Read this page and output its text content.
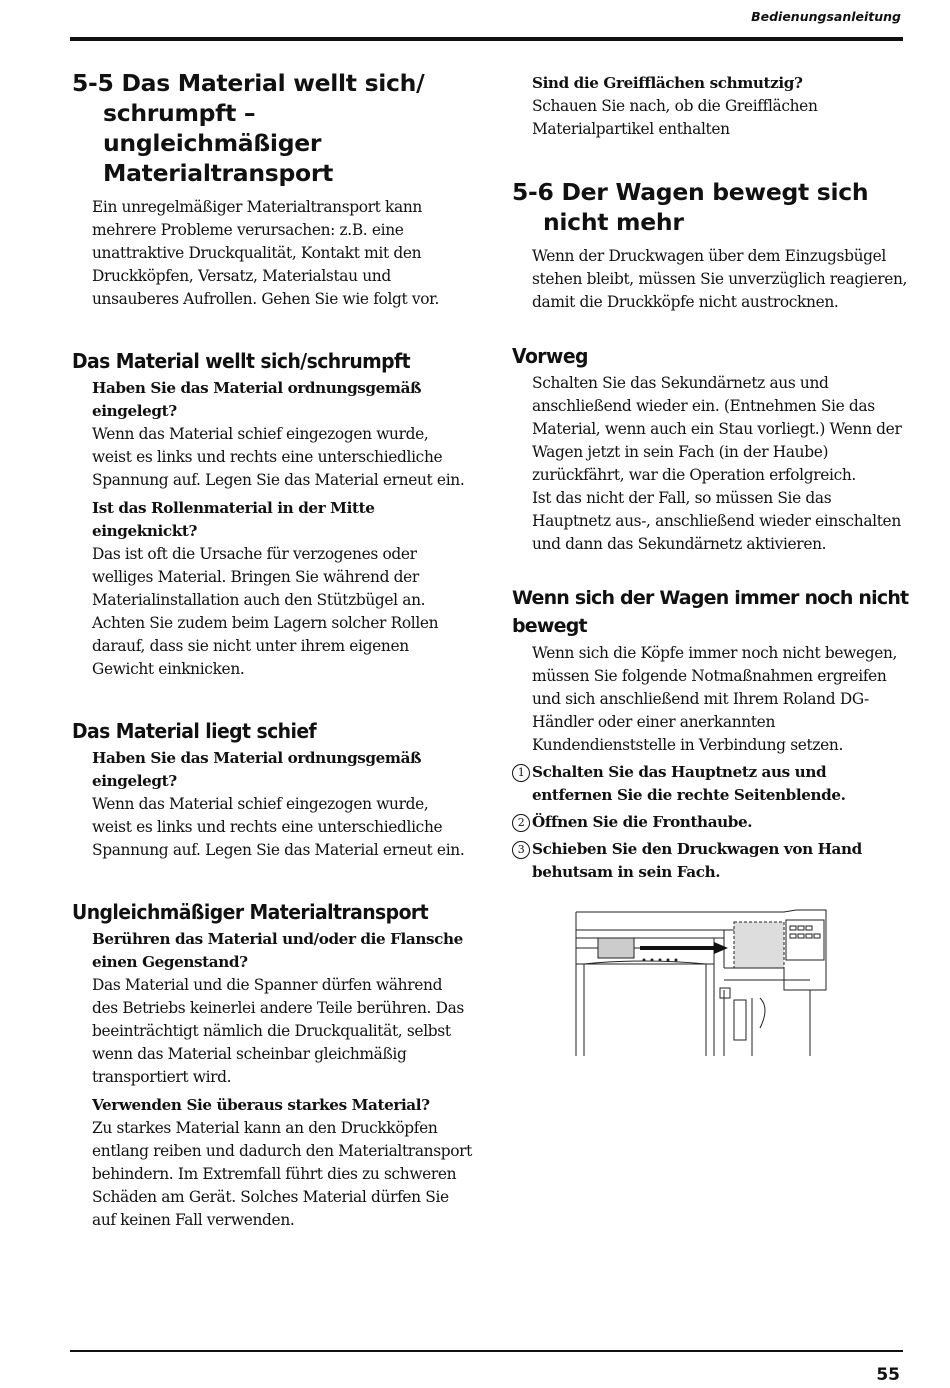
Bedienungsanleitung
5-5 Das Material wellt sich/ schrumpft – ungleichmäßiger Materialtransport

Ein unregelmäßiger Materialtransport kann mehrere Probleme verursachen: z.B. eine unattraktive Druckqualität, Kontakt mit den Druckköpfen, Versatz, Materialstau und unsauberes Aufrollen. Gehen Sie wie folgt vor.

Das Material wellt sich/schrumpft

Haben Sie das Material ordnungsgemäß eingelegt?

Wenn das Material schief eingezogen wurde, weist es links und rechts eine unterschiedliche Spannung auf. Legen Sie das Material erneut ein.

Ist das Rollenmaterial in der Mitte eingeknickt?

Das ist oft die Ursache für verzogenes oder welliges Material. Bringen Sie während der Materialinstallation auch den Stützbügel an. Achten Sie zudem beim Lagern solcher Rollen darauf, dass sie nicht unter ihrem eigenen Gewicht einknicken.

Das Material liegt schief

Haben Sie das Material ordnungsgemäß eingelegt?

Wenn das Material schief eingezogen wurde, weist es links und rechts eine unterschiedliche Spannung auf. Legen Sie das Material erneut ein.

Ungleichmäßiger Materialtransport

Berühren das Material und/oder die Flansche einen Gegenstand?

Das Material und die Spanner dürfen während des Betriebs keinerlei andere Teile berühren. Das beeinträchtigt nämlich die Druckqualität, selbst wenn das Material scheinbar gleichmäßig transportiert wird.

Verwenden Sie überaus starkes Material?

Zu starkes Material kann an den Druckköpfen entlang reiben und dadurch den Materialtransport behindern. Im Extremfall führt dies zu schweren Schäden am Gerät. Solches Material dürfen Sie auf keinen Fall verwenden.

Sind die Greifflächen schmutzig?

Schauen Sie nach, ob die Greifflächen Materialpartikel enthalten

5-6 Der Wagen bewegt sich nicht mehr

Wenn der Druckwagen über dem Einzugsbügel stehen bleibt, müssen Sie unverzüglich reagieren, damit die Druckköpfe nicht austrocknen.

Vorweg

Schalten Sie das Sekundärnetz aus und anschließend wieder ein. (Entnehmen Sie das Material, wenn auch ein Stau vorliegt.) Wenn der Wagen jetzt in sein Fach (in der Haube) zurückfährt, war die Operation erfolgreich.

Ist das nicht der Fall, so müssen Sie das Hauptnetz aus-, anschließend wieder einschalten und dann das Sekundärnetz aktivieren.

Wenn sich der Wagen immer noch nicht bewegt

Wenn sich die Köpfe immer noch nicht bewegen, müssen Sie folgende Notmaßnahmen ergreifen und sich anschließend mit Ihrem Roland DG-Händler oder einer anerkannten Kundendienststelle in Verbindung setzen.

1 Schalten Sie das Hauptnetz aus und entfernen Sie die rechte Seitenblende.
2 Öffnen Sie die Fronthaube.
3 Schieben Sie den Druckwagen von Hand behutsam in sein Fach.
55
